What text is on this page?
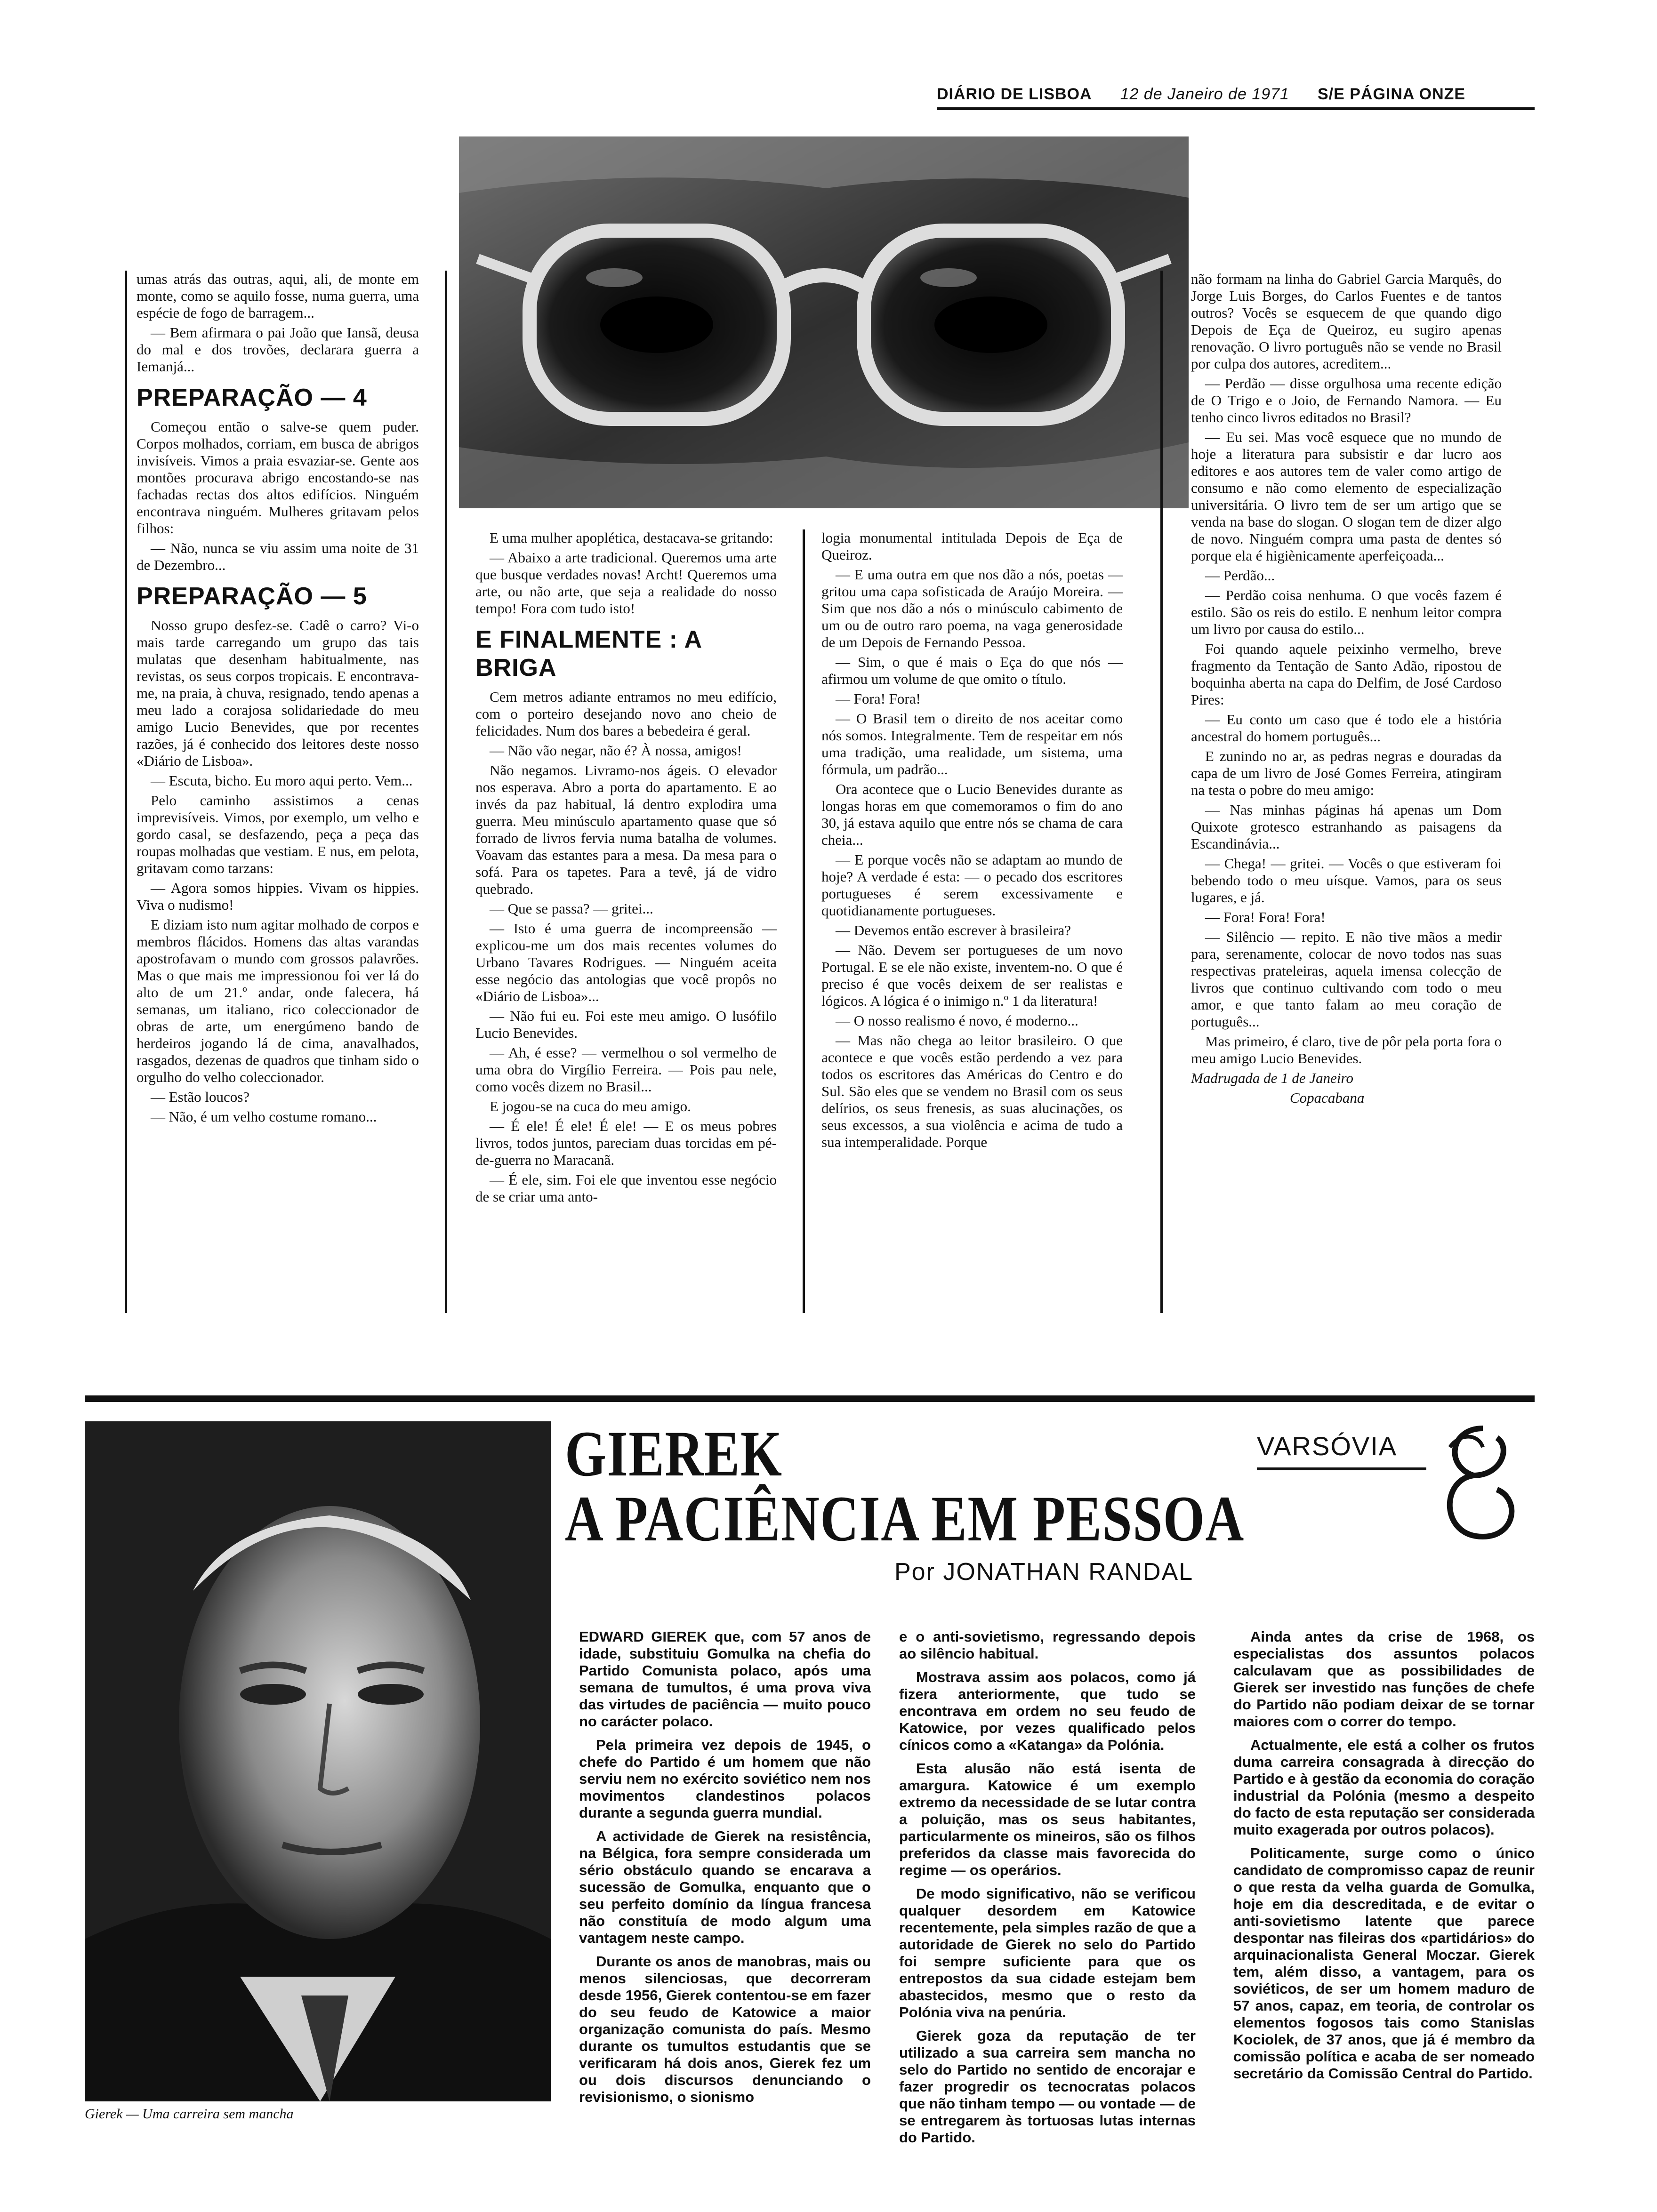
DIÁRIO DE LISBOA 12 de Janeiro de 1971 S/E PÁGINA ONZE

umas atrás das outras, aqui, ali, de monte em monte, como se aquilo fosse, numa guerra, uma espécie de fogo de barragem...

— Bem afirmara o pai João que Iansã, deusa do mal e dos trovões, declarara guerra a Iemanjá...

PREPARAÇÃO — 4

Começou então o salve-se quem puder. Corpos molhados, corriam, em busca de abrigos invisíveis. Vimos a praia esvaziar-se. Gente aos montões procurava abrigo encostando-se nas fachadas rectas dos altos edifícios. Ninguém encontrava ninguém. Mulheres gritavam pelos filhos:

— Não, nunca se viu assim uma noite de 31 de Dezembro...

PREPARAÇÃO — 5

Nosso grupo desfez-se. Cadê o carro? Vi-o mais tarde carregando um grupo das tais mulatas que desenham habitualmente, nas revistas, os seus corpos tropicais. E encontrava-me, na praia, à chuva, resignado, tendo apenas a meu lado a corajosa solidariedade do meu amigo Lucio Benevides, que por recentes razões, já é conhecido dos leitores deste nosso «Diário de Lisboa».

— Escuta, bicho. Eu moro aqui perto. Vem...

Pelo caminho assistimos a cenas imprevisíveis. Vimos, por exemplo, um velho e gordo casal, se desfazendo, peça a peça das roupas molhadas que vestiam. E nus, em pelota, gritavam como tarzans:

— Agora somos hippies. Vivam os hippies. Viva o nudismo!

E diziam isto num agitar molhado de corpos e membros flácidos. Homens das altas varandas apostrofavam o mundo com grossos palavrões. Mas o que mais me impressionou foi ver lá do alto de um 21.º andar, onde falecera, há semanas, um italiano, rico coleccionador de obras de arte, um energúmeno bando de herdeiros jogando lá de cima, anavalhados, rasgados, dezenas de quadros que tinham sido o orgulho do velho coleccionador.

— Estão loucos?

— Não, é um velho costume romano...

E uma mulher apoplética, destacava-se gritando:

— Abaixo a arte tradicional. Queremos uma arte que busque verdades novas! Archt! Queremos uma arte, ou não arte, que seja a realidade do nosso tempo! Fora com tudo isto!

E FINALMENTE : A BRIGA

Cem metros adiante entramos no meu edifício, com o porteiro desejando novo ano cheio de felicidades. Num dos bares a bebedeira é geral.

— Não vão negar, não é? À nossa, amigos!

Não negamos. Livramo-nos ágeis. O elevador nos esperava. Abro a porta do apartamento. E ao invés da paz habitual, lá dentro explodira uma guerra. Meu minúsculo apartamento quase que só forrado de livros fervia numa batalha de volumes. Voavam das estantes para a mesa. Da mesa para o sofá. Para os tapetes. Para a tevê, já de vidro quebrado.

— Que se passa? — gritei...

— Isto é uma guerra de incompreensão — explicou-me um dos mais recentes volumes do Urbano Tavares Rodrigues. — Ninguém aceita esse negócio das antologias que você propôs no «Diário de Lisboa»...

— Não fui eu. Foi este meu amigo. O lusófilo Lucio Benevides.

— Ah, é esse? — vermelhou o sol vermelho de uma obra do Virgílio Ferreira. — Pois pau nele, como vocês dizem no Brasil...

E jogou-se na cuca do meu amigo.

— É ele! É ele! É ele! — E os meus pobres livros, todos juntos, pareciam duas torcidas em pé-de-guerra no Maracanã.

— É ele, sim. Foi ele que inventou esse negócio de se criar uma anto-

logia monumental intitulada Depois de Eça de Queiroz.

— E uma outra em que nos dão a nós, poetas — gritou uma capa sofisticada de Araújo Moreira. — Sim que nos dão a nós o minúsculo cabimento de um ou de outro raro poema, na vaga generosidade de um Depois de Fernando Pessoa.

— Sim, o que é mais o Eça do que nós — afirmou um volume de que omito o título.

— Fora! Fora!

— O Brasil tem o direito de nos aceitar como nós somos. Integralmente. Tem de respeitar em nós uma tradição, uma realidade, um sistema, uma fórmula, um padrão...

Ora acontece que o Lucio Benevides durante as longas horas em que comemoramos o fim do ano 30, já estava aquilo que entre nós se chama de cara cheia...

— E porque vocês não se adaptam ao mundo de hoje? A verdade é esta: — o pecado dos escritores portugueses é serem excessivamente e quotidianamente portugueses.

— Devemos então escrever à brasileira?

— Não. Devem ser portugueses de um novo Portugal. E se ele não existe, inventem-no. O que é preciso é que vocês deixem de ser realistas e lógicos. A lógica é o inimigo n.º 1 da literatura!

— O nosso realismo é novo, é moderno...

— Mas não chega ao leitor brasileiro. O que acontece e que vocês estão perdendo a vez para todos os escritores das Américas do Centro e do Sul. São eles que se vendem no Brasil com os seus delírios, os seus frenesis, as suas alucinações, os seus excessos, a sua violência e acima de tudo a sua intemperalidade. Porque

não formam na linha do Gabriel Garcia Marquês, do Jorge Luis Borges, do Carlos Fuentes e de tantos outros? Vocês se esquecem de que quando digo Depois de Eça de Queiroz, eu sugiro apenas renovação. O livro português não se vende no Brasil por culpa dos autores, acreditem...

— Perdão — disse orgulhosa uma recente edição de O Trigo e o Joio, de Fernando Namora. — Eu tenho cinco livros editados no Brasil?

— Eu sei. Mas você esquece que no mundo de hoje a literatura para subsistir e dar lucro aos editores e aos autores tem de valer como artigo de consumo e não como elemento de especialização universitária. O livro tem de ser um artigo que se venda na base do slogan. O slogan tem de dizer algo de novo. Ninguém compra uma pasta de dentes só porque ela é higiènicamente aperfeiçoada...

— Perdão...

— Perdão coisa nenhuma. O que vocês fazem é estilo. São os reis do estilo. E nenhum leitor compra um livro por causa do estilo...

Foi quando aquele peixinho vermelho, breve fragmento da Tentação de Santo Adão, ripostou de boquinha aberta na capa do Delfim, de José Cardoso Pires:

— Eu conto um caso que é todo ele a história ancestral do homem português...

E zunindo no ar, as pedras negras e douradas da capa de um livro de José Gomes Ferreira, atingiram na testa o pobre do meu amigo:

— Nas minhas páginas há apenas um Dom Quixote grotesco estranhando as paisagens da Escandinávia...

— Chega! — gritei. — Vocês o que estiveram foi bebendo todo o meu uísque. Vamos, para os seus lugares, e já.

— Fora! Fora! Fora!

— Silêncio — repito. E não tive mãos a medir para, serenamente, colocar de novo todos nas suas respectivas prateleiras, aquela imensa colecção de livros que continuo cultivando com todo o meu amor, e que tanto falam ao meu coração de português...

Mas primeiro, é claro, tive de pôr pela porta fora o meu amigo Lucio Benevides.

Madrugada de 1 de Janeiro

Copacabana

Gierek — Uma carreira sem mancha
GIEREK
A PACIÊNCIA EM PESSOA
Por JONATHAN RANDAL
VARSÓVIA

EDWARD GIEREK que, com 57 anos de idade, substituiu Gomulka na chefia do Partido Comunista polaco, após uma semana de tumultos, é uma prova viva das virtudes de paciência — muito pouco no carácter polaco.

Pela primeira vez depois de 1945, o chefe do Partido é um homem que não serviu nem no exército soviético nem nos movimentos clandestinos polacos durante a segunda guerra mundial.

A actividade de Gierek na resistência, na Bélgica, fora sempre considerada um sério obstáculo quando se encarava a sucessão de Gomulka, enquanto que o seu perfeito domínio da língua francesa não constituía de modo algum uma vantagem neste campo.

Durante os anos de manobras, mais ou menos silenciosas, que decorreram desde 1956, Gierek contentou-se em fazer do seu feudo de Katowice a maior organização comunista do país. Mesmo durante os tumultos estudantis que se verificaram há dois anos, Gierek fez um ou dois discursos denunciando o revisionismo, o sionismo

e o anti-sovietismo, regressando depois ao silêncio habitual.

Mostrava assim aos polacos, como já fizera anteriormente, que tudo se encontrava em ordem no seu feudo de Katowice, por vezes qualificado pelos cínicos como a «Katanga» da Polónia.

Esta alusão não está isenta de amargura. Katowice é um exemplo extremo da necessidade de se lutar contra a poluição, mas os seus habitantes, particularmente os mineiros, são os filhos preferidos da classe mais favorecida do regime — os operários.

De modo significativo, não se verificou qualquer desordem em Katowice recentemente, pela simples razão de que a autoridade de Gierek no selo do Partido foi sempre suficiente para que os entrepostos da sua cidade estejam bem abastecidos, mesmo que o resto da Polónia viva na penúria.

Gierek goza da reputação de ter utilizado a sua carreira sem mancha no selo do Partido no sentido de encorajar e fazer progredir os tecnocratas polacos que não tinham tempo — ou vontade — de se entregarem às tortuosas lutas internas do Partido.

Ainda antes da crise de 1968, os especialistas dos assuntos polacos calculavam que as possibilidades de Gierek ser investido nas funções de chefe do Partido não podiam deixar de se tornar maiores com o correr do tempo.

Actualmente, ele está a colher os frutos duma carreira consagrada à direcção do Partido e à gestão da economia do coração industrial da Polónia (mesmo a despeito do facto de esta reputação ser considerada muito exagerada por outros polacos).

Politicamente, surge como o único candidato de compromisso capaz de reunir o que resta da velha guarda de Gomulka, hoje em dia descreditada, e de evitar o anti-sovietismo latente que parece despontar nas fileiras dos «partidários» do arquinacionalista General Moczar. Gierek tem, além disso, a vantagem, para os soviéticos, de ser um homem maduro de 57 anos, capaz, em teoria, de controlar os elementos fogosos tais como Stanislas Kociolek, de 37 anos, que já é membro da comissão política e acaba de ser nomeado secretário da Comissão Central do Partido.
